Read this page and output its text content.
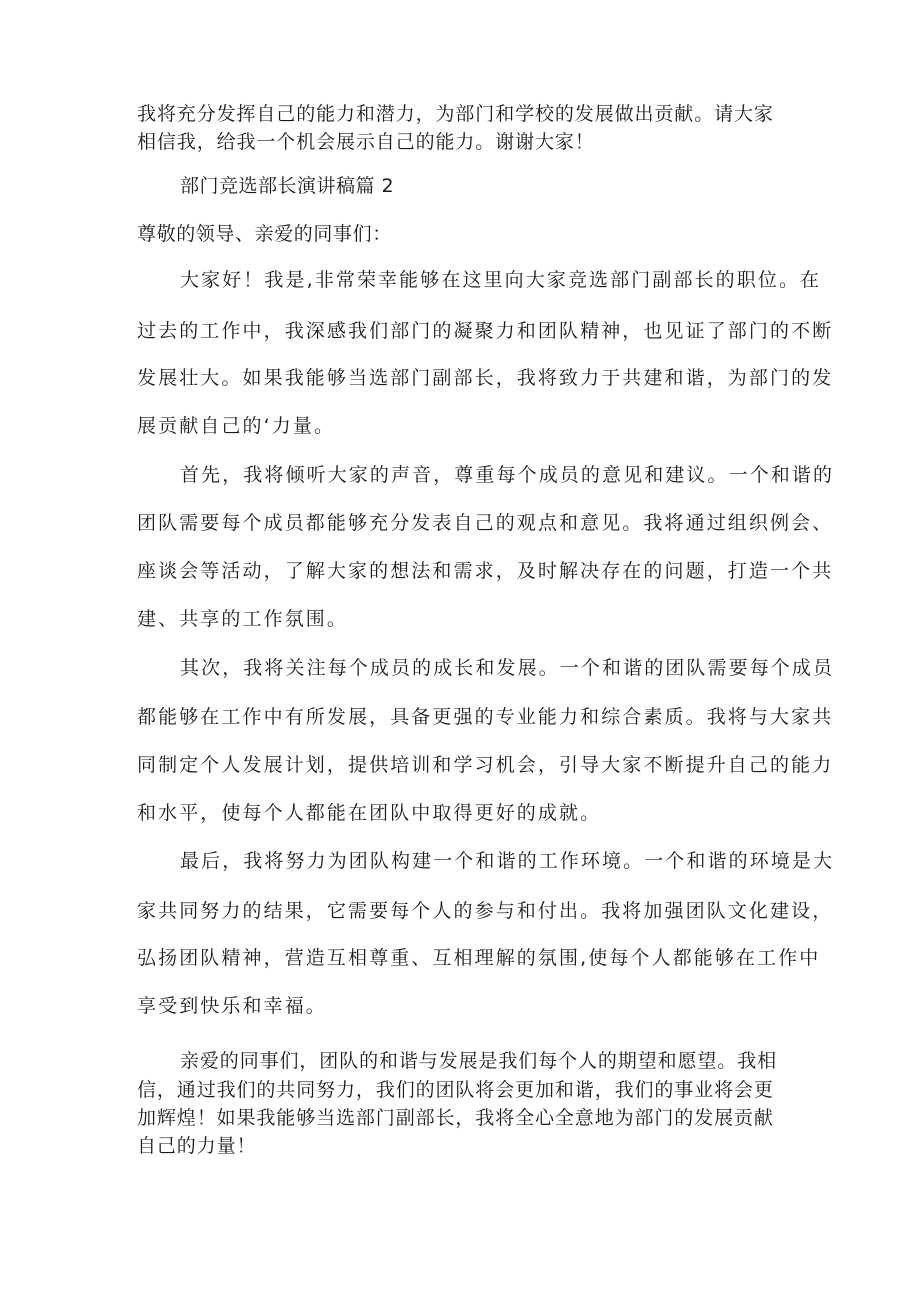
我将充分发挥自己的能力和潜力，为部门和学校的发展做出贡献。请大家
相信我，给我一个机会展示自己的能力。谢谢大家！
部门竞选部长演讲稿篇 2
尊敬的领导、亲爱的同事们：
大家好！我是,非常荣幸能够在这里向大家竞选部门副部长的职位。在
过去的工作中，我深感我们部门的凝聚力和团队精神，也见证了部门的不断
发展壮大。如果我能够当选部门副部长，我将致力于共建和谐，为部门的发
展贡献自己的‘力量。
首先，我将倾听大家的声音，尊重每个成员的意见和建议。一个和谐的
团队需要每个成员都能够充分发表自己的观点和意见。我将通过组织例会、
座谈会等活动，了解大家的想法和需求，及时解决存在的问题，打造一个共
建、共享的工作氛围。
其次，我将关注每个成员的成长和发展。一个和谐的团队需要每个成员
都能够在工作中有所发展，具备更强的专业能力和综合素质。我将与大家共
同制定个人发展计划，提供培训和学习机会，引导大家不断提升自己的能力
和水平，使每个人都能在团队中取得更好的成就。
最后，我将努力为团队构建一个和谐的工作环境。一个和谐的环境是大
家共同努力的结果，它需要每个人的参与和付出。我将加强团队文化建设，
弘扬团队精神，营造互相尊重、互相理解的氛围,使每个人都能够在工作中
享受到快乐和幸福。
亲爱的同事们，团队的和谐与发展是我们每个人的期望和愿望。我相
信，通过我们的共同努力，我们的团队将会更加和谐，我们的事业将会更
加辉煌！如果我能够当选部门副部长，我将全心全意地为部门的发展贡献
自己的力量！
